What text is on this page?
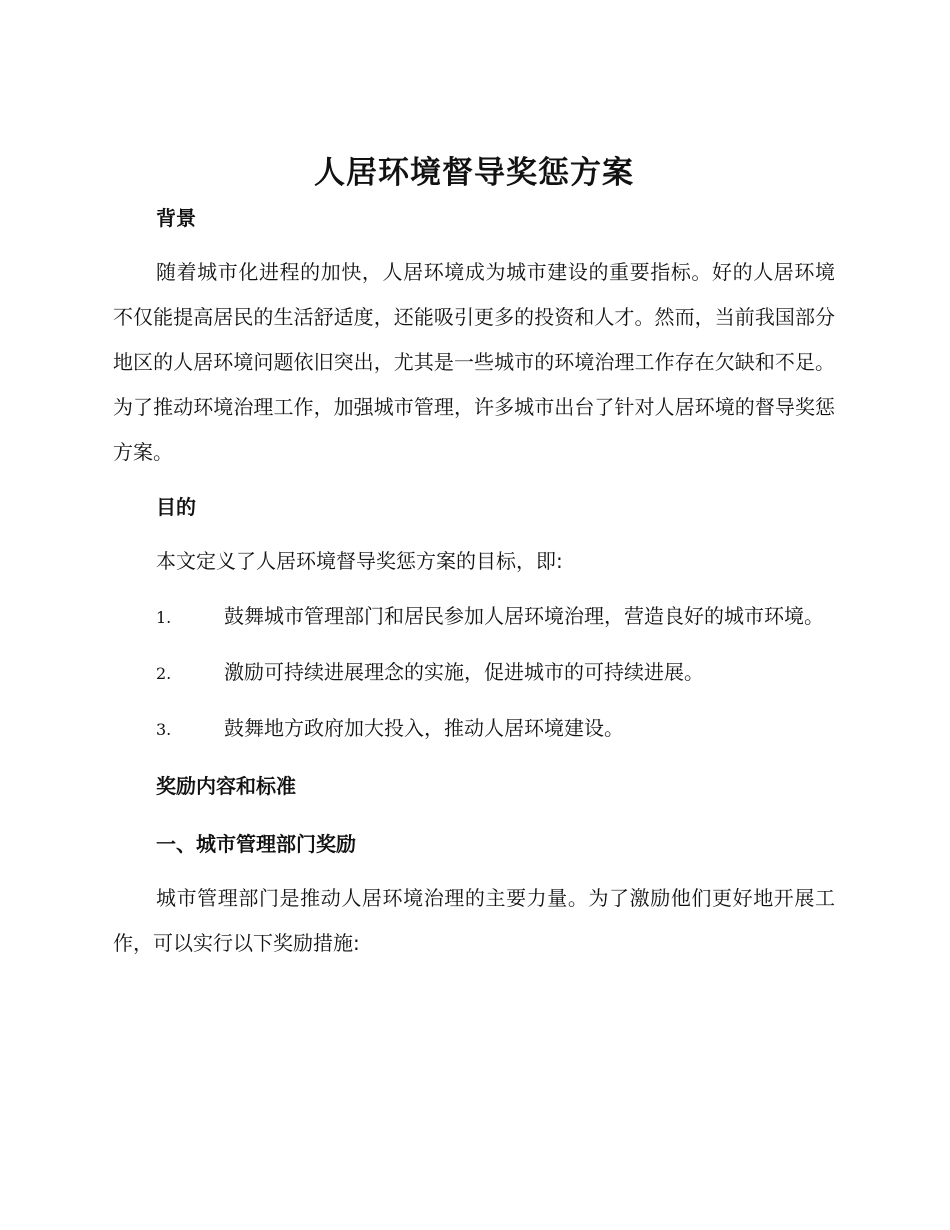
人居环境督导奖惩方案
背景

随着城市化进程的加快，人居环境成为城市建设的重要指标。好的人居环境不仅能提高居民的生活舒适度，还能吸引更多的投资和人才。然而，当前我国部分地区的人居环境问题依旧突出，尤其是一些城市的环境治理工作存在欠缺和不足。为了推动环境治理工作，加强城市管理，许多城市出台了针对人居环境的督导奖惩方案。

目的

本文定义了人居环境督导奖惩方案的目标，即:

1.	鼓舞城市管理部门和居民参加人居环境治理，营造良好的城市环境。

2.	激励可持续进展理念的实施，促进城市的可持续进展。

3.	鼓舞地方政府加大投入，推动人居环境建设。

奖励内容和标准
一、城市管理部门奖励

城市管理部门是推动人居环境治理的主要力量。为了激励他们更好地开展工作，可以实行以下奖励措施:
